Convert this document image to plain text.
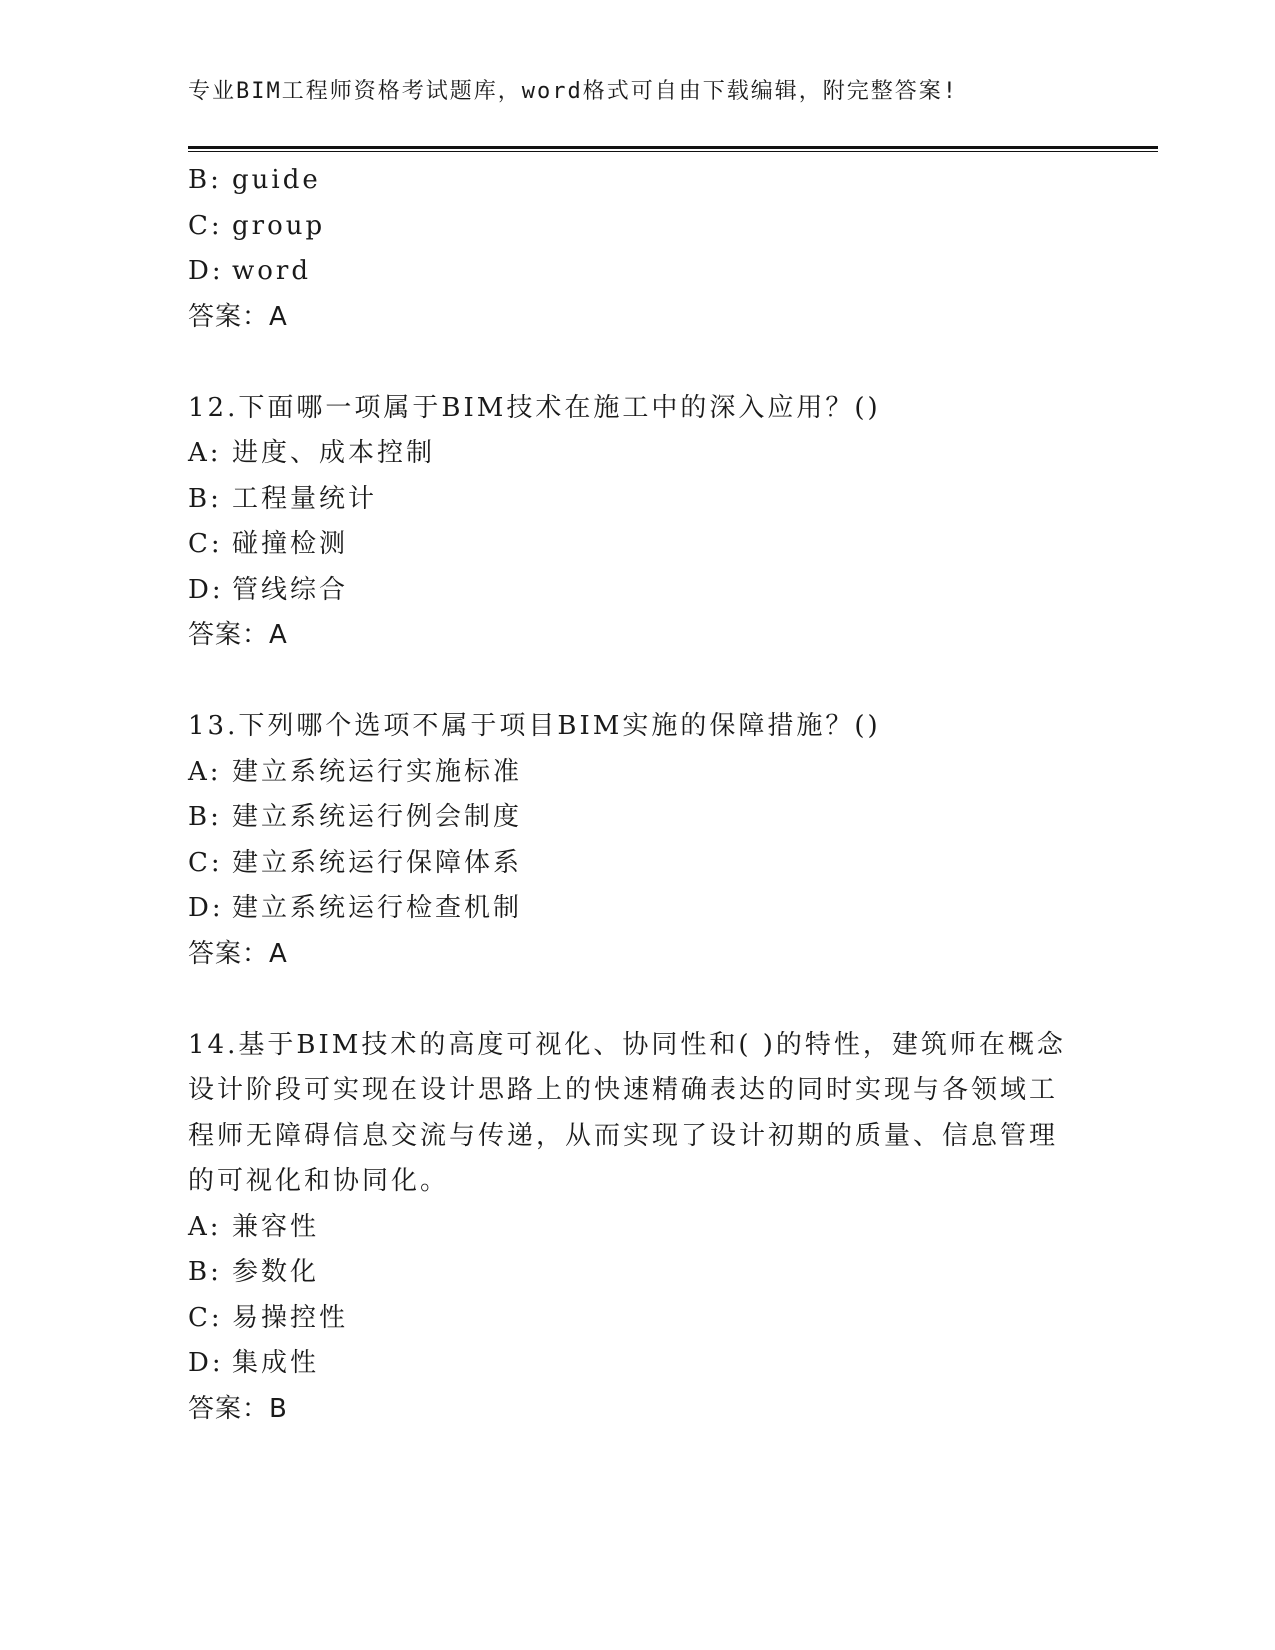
专业BIM工程师资格考试题库，word格式可自由下载编辑，附完整答案!
B: guide
C: group
D: word
答案：A
12.下面哪一项属于BIM技术在施工中的深入应用？()
A: 进度、成本控制
B: 工程量统计
C: 碰撞检测
D: 管线综合
答案：A
13.下列哪个选项不属于项目BIM实施的保障措施？()
A: 建立系统运行实施标准
B: 建立系统运行例会制度
C: 建立系统运行保障体系
D: 建立系统运行检查机制
答案：A
14.基于BIM技术的高度可视化、协同性和( )的特性，建筑师在概念设计阶段可实现在设计思路上的快速精确表达的同时实现与各领域工程师无障碍信息交流与传递，从而实现了设计初期的质量、信息管理的可视化和协同化。
A: 兼容性
B: 参数化
C: 易操控性
D: 集成性
答案：B
